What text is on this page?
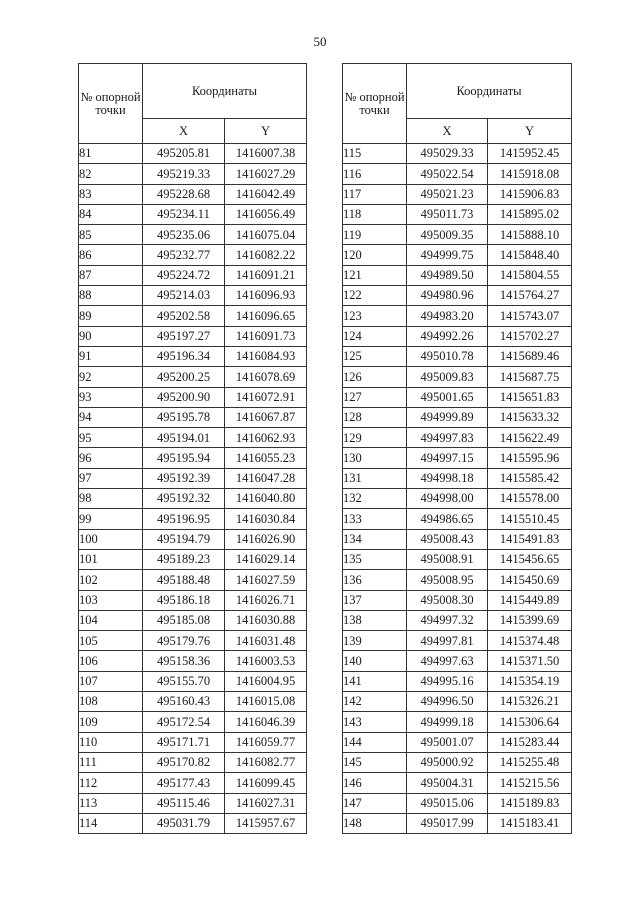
50
№ опорной точки	Координаты	
	X	Y
81	495205.81	1416007.38
82	495219.33	1416027.29
83	495228.68	1416042.49
84	495234.11	1416056.49
85	495235.06	1416075.04
86	495232.77	1416082.22
87	495224.72	1416091.21
88	495214.03	1416096.93
89	495202.58	1416096.65
90	495197.27	1416091.73
91	495196.34	1416084.93
92	495200.25	1416078.69
93	495200.90	1416072.91
94	495195.78	1416067.87
95	495194.01	1416062.93
96	495195.94	1416055.23
97	495192.39	1416047.28
98	495192.32	1416040.80
99	495196.95	1416030.84
100	495194.79	1416026.90
101	495189.23	1416029.14
102	495188.48	1416027.59
103	495186.18	1416026.71
104	495185.08	1416030.88
105	495179.76	1416031.48
106	495158.36	1416003.53
107	495155.70	1416004.95
108	495160.43	1416015.08
109	495172.54	1416046.39
110	495171.71	1416059.77
111	495170.82	1416082.77
112	495177.43	1416099.45
113	495115.46	1416027.31
114	495031.79	1415957.67
№ опорной точки	Координаты	
	X	Y
115	495029.33	1415952.45
116	495022.54	1415918.08
117	495021.23	1415906.83
118	495011.73	1415895.02
119	495009.35	1415888.10
120	494999.75	1415848.40
121	494989.50	1415804.55
122	494980.96	1415764.27
123	494983.20	1415743.07
124	494992.26	1415702.27
125	495010.78	1415689.46
126	495009.83	1415687.75
127	495001.65	1415651.83
128	494999.89	1415633.32
129	494997.83	1415622.49
130	494997.15	1415595.96
131	494998.18	1415585.42
132	494998.00	1415578.00
133	494986.65	1415510.45
134	495008.43	1415491.83
135	495008.91	1415456.65
136	495008.95	1415450.69
137	495008.30	1415449.89
138	494997.32	1415399.69
139	494997.81	1415374.48
140	494997.63	1415371.50
141	494995.16	1415354.19
142	494996.50	1415326.21
143	494999.18	1415306.64
144	495001.07	1415283.44
145	495000.92	1415255.48
146	495004.31	1415215.56
147	495015.06	1415189.83
148	495017.99	1415183.41
